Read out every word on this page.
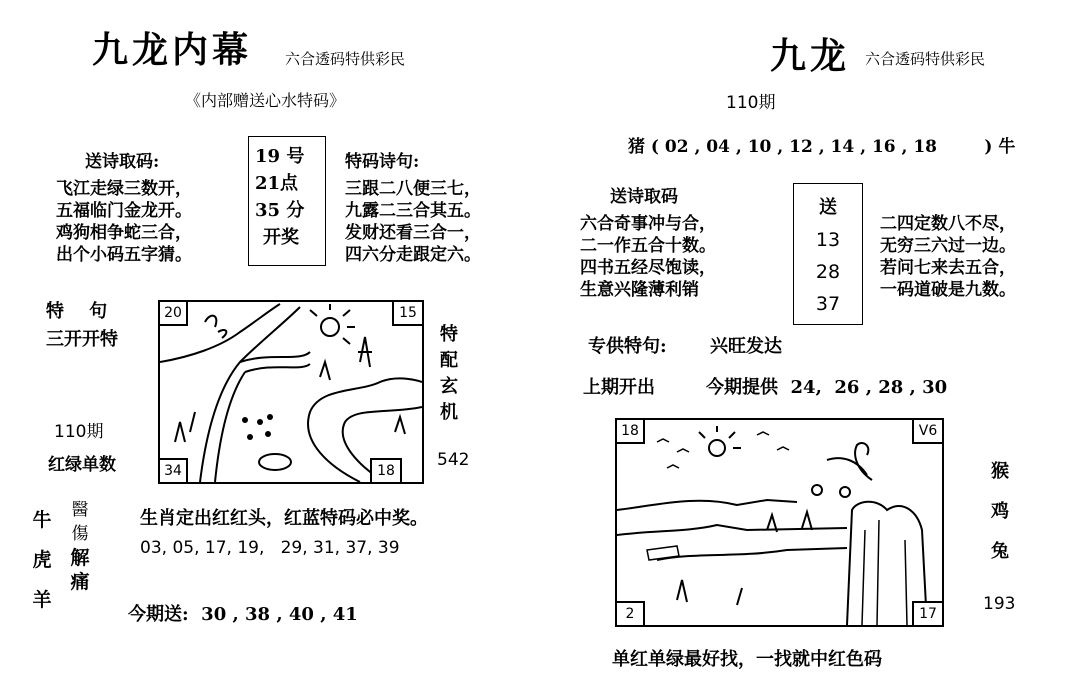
九龙内幕 六合透码特供彩民
《内部赠送心水特码》
送诗取码:
飞江走绿三数开，
五福临门金龙开。
鸡狗相争蛇三合，
出个小码五字猜。
19 号
21点
35 分
开奖
特码诗句:
三跟二八便三七，
九露二三合其五。
发财还看三合一，
四六分走跟定六。
特    句
三开开特
110期
红绿单数
20	15
34	18
特
配
玄
机
542
牛
虎
羊
醫
傷
解
痛
生肖定出红红头，红蓝特码必中奖。
03, 05, 17, 19,   29, 31, 37, 39
今期送:  30 , 38 , 40 , 41
九龙 六合透码特供彩民
110期
猪 ( 02 , 04 , 10 , 12 , 14 , 16 , 18        ) 牛
送诗取码
六合奇事冲与合，
二一作五合十数。
四书五经尽饱读，
生意兴隆薄利销
送
13
28
37
二四定数八不尽，
无穷三六过一边。
若问七来去五合，
一码道破是九数。
专供特句: 兴旺发达
上期开出	今期提供  24,  26 , 28 , 30
18	V6
2	17
猴
鸡
兔
193
单红单绿最好找，一找就中红色码
